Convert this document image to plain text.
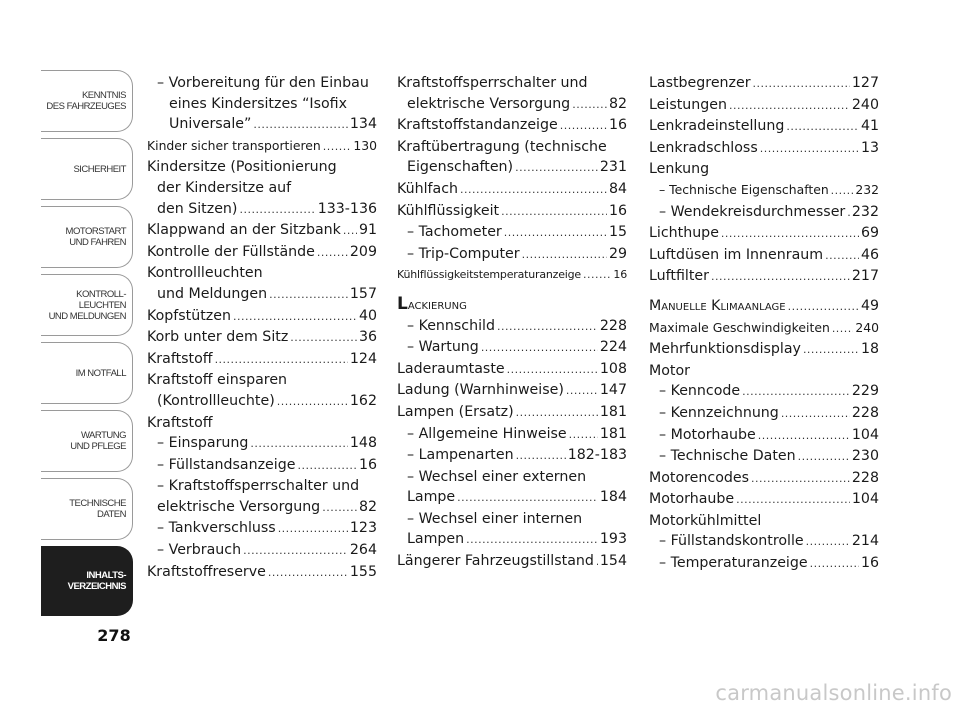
KENNTNIS
DES FAHRZEUGES
SICHERHEIT
MOTORSTART
UND FAHREN
KONTROLL-
LEUCHTEN
UND MELDUNGEN
IM NOTFALL
WARTUNG
UND PFLEGE
TECHNISCHE
DATEN
INHALTS-
VERZEICHNIS
278
– Vorbereitung für den Einbau
eines Kindersitzes “Isofix
Universale” .....	134
Kinder sicher transportieren .....	130
Kindersitze (Positionierung
der Kindersitze auf
den Sitzen) .....	133-136
Klappwand an der Sitzbank ..... 91
Kontrolle der Füllstände ..... 209
Kontrollleuchten
und Meldungen .....	157
Kopfstützen .....	40
Korb unter dem Sitz .....	36
Kraftstoff .....	124
Kraftstoff einsparen
(Kontrollleuchte) .....	162
Kraftstoff
– Einsparung .....	148
– Füllstandsanzeige .....	16
– Kraftstoffsperrschalter und
elektrische Versorgung .....	82
– Tankverschluss .....	123
– Verbrauch .....	264
Kraftstoffreserve .....	155
Kraftstoffsperrschalter und
elektrische Versorgung .....	82
Kraftstoffstandanzeige .....	16
Kraftübertragung (technische
Eigenschaften) .....	231
Kühlfach .....	84
Kühlflüssigkeit .....	16
– Tachometer .....	15
– Trip-Computer .....	29
Kühlflüssigkeitstemperaturanzeige .....	16
Lackierung
– Kennschild .....	228
– Wartung .....	224
Laderaumtaste .....	108
Ladung (Warnhinweise) .....	147
Lampen (Ersatz) .....	181
– Allgemeine Hinweise ..... 181
– Lampenarten .....	182-183
– Wechsel einer externen
Lampe .....	184
– Wechsel einer internen
Lampen .....	193
Längerer Fahrzeugstillstand ..... 154
Lastbegrenzer .....	127
Leistungen .....	240
Lenkradeinstellung .....	41
Lenkradschloss .....	13
Lenkung
– Technische Eigenschaften ..... 232
– Wendekreisdurchmesser ..... 232
Lichthupe .....	69
Luftdüsen im Innenraum .....	46
Luftfilter .....	217
Manuelle Klimaanlage .....	49
Maximale Geschwindigkeiten ..... 240
Mehrfunktionsdisplay .....	18
Motor
– Kenncode .....	229
– Kennzeichnung .....	228
– Motorhaube .....	104
– Technische Daten .....	230
Motorencodes .....	228
Motorhaube .....	104
Motorkühlmittel
– Füllstandskontrolle .....	214
– Temperaturanzeige .....	16
carmanualsonline.info
